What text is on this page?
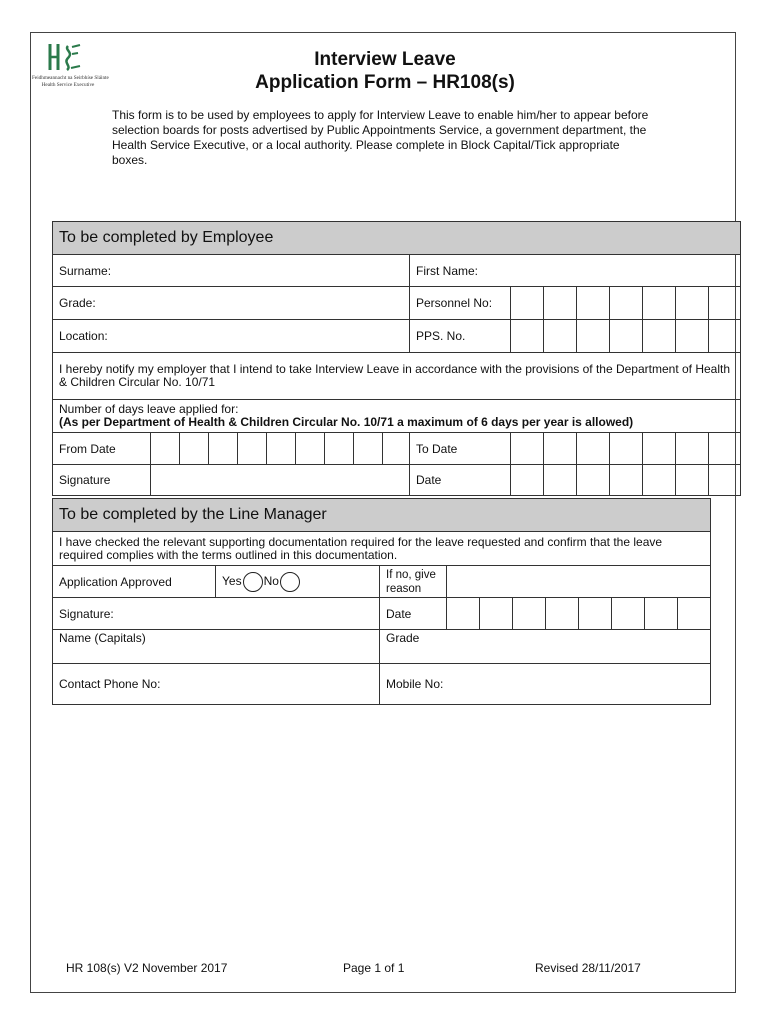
Feidhmeannacht na Seirbhíse Sláinte
Health Service Executive
Interview Leave
Application Form – HR108(s)
This form is to be used by employees to apply for Interview Leave to enable him/her to appear before selection boards for posts advertised by Public Appointments Service, a government department, the Health Service Executive, or a local authority. Please complete in Block Capital/Tick appropriate boxes.
To be completed by Employee																	
Surname:										First Name:							
Grade:										Personnel No:							
Location:										PPS. No.							
I hereby notify my employer that I intend to take Interview Leave in accordance with the provisions of the Department of Health & Children Circular No. 10/71																	

Number of days leave applied for:
(As per Department of Health & Children Circular No. 10/71 a maximum of 6 days per year is allowed)																	

From Date										To Date							
Signature										Date							
To be completed by the Line Manager										
I have checked the relevant supporting documentation required for the leave requested and confirm that the leave required complies with the terms outlined in this documentation.										
Application Approved	Yes No	If no, give reason								
Signature:		Date								
Name (Capitals)		Grade								
Contact Phone No:		Mobile No:								
HR 108(s) V2 November 2017	Page 1 of 1	Revised 28/11/2017
